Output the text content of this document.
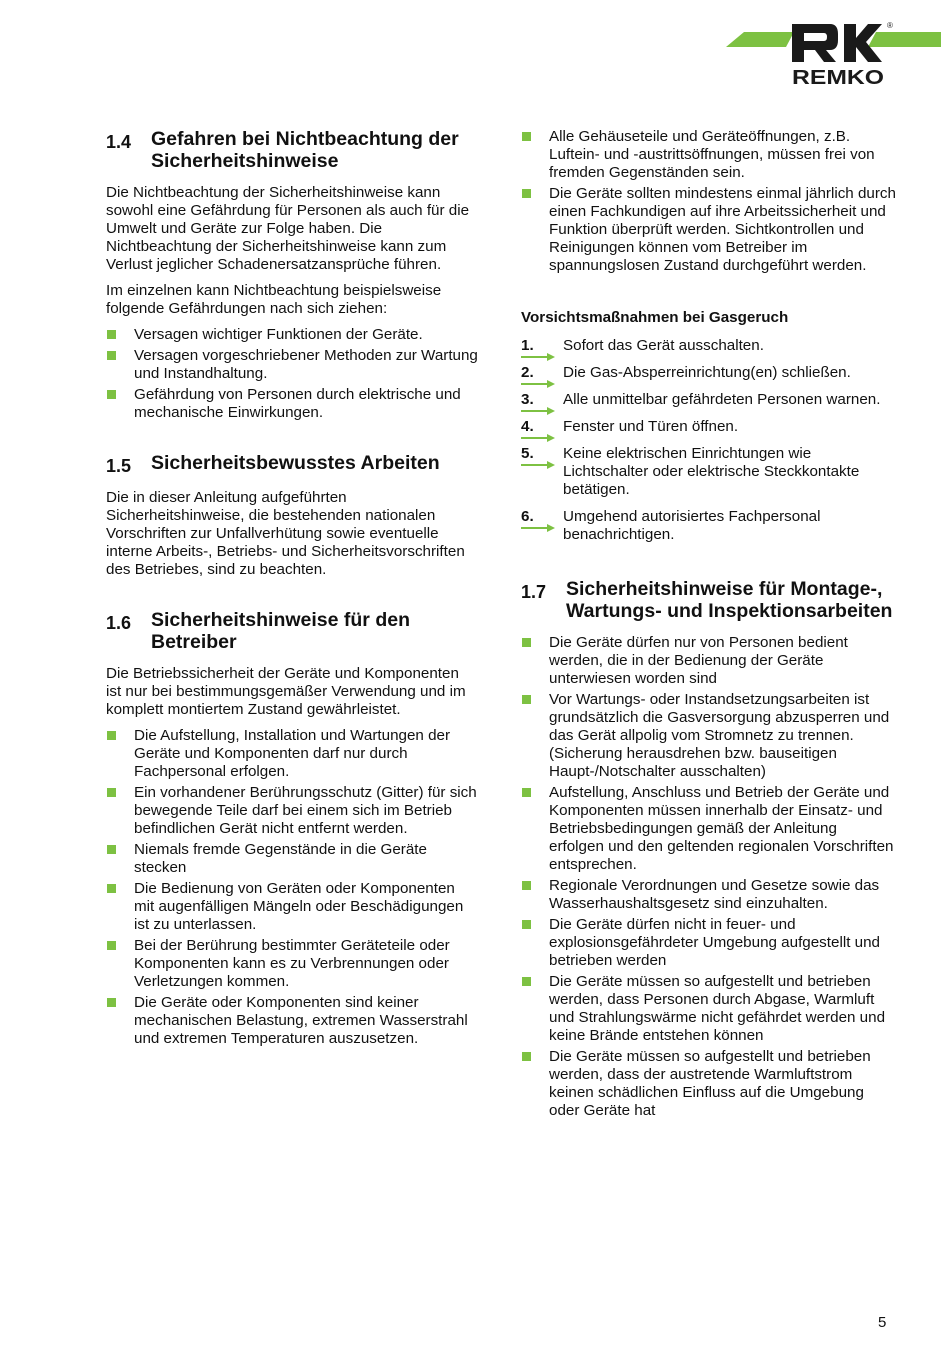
®
REMKO
1.4	Gefahren bei Nichtbeachtung der Sicherheitshinweise

Die Nichtbeachtung der Sicherheitshinweise kann sowohl eine Gefährdung für Personen als auch für die Umwelt und Geräte zur Folge haben. Die Nichtbeachtung der Sicherheitshinweise kann zum Verlust jeglicher Schadenersatzansprüche führen.

Im einzelnen kann Nichtbeachtung beispielsweise folgende Gefährdungen nach sich ziehen:

Versagen wichtiger Funktionen der Geräte.
Versagen vorgeschriebener Methoden zur Wartung und Instandhaltung.
Gefährdung von Personen durch elektrische und mechanische Einwirkungen.
1.5	Sicherheitsbewusstes Arbeiten

Die in dieser Anleitung aufgeführten Sicherheitshinweise, die bestehenden nationalen Vorschriften zur Unfallverhütung sowie eventuelle interne Arbeits-, Betriebs- und Sicherheitsvorschriften des Betriebes, sind zu beachten.

1.6	Sicherheitshinweise für den Betreiber

Die Betriebssicherheit der Geräte und Komponenten ist nur bei bestimmungsgemäßer Verwendung und im komplett montiertem Zustand gewährleistet.

Die Aufstellung, Installation und Wartungen der Geräte und Komponenten darf nur durch Fachpersonal erfolgen.
Ein vorhandener Berührungsschutz (Gitter) für sich bewegende Teile darf bei einem sich im Betrieb befindlichen Gerät nicht entfernt werden.
Niemals fremde Gegenstände in die Geräte stecken
Die Bedienung von Geräten oder Komponenten mit augenfälligen Mängeln oder Beschädigungen ist zu unterlassen.
Bei der Berührung bestimmter Geräteteile oder Komponenten kann es zu Verbrennungen oder Verletzungen kommen.
Die Geräte oder Komponenten sind keiner mechanischen Belastung, extremen Wasserstrahl und extremen Temperaturen auszusetzen.
Alle Gehäuseteile und Geräteöffnungen, z.B. Luftein- und -austrittsöffnungen, müssen frei von fremden Gegenständen sein.
Die Geräte sollten mindestens einmal jährlich durch einen Fachkundigen auf ihre Arbeitssicherheit und Funktion überprüft werden. Sichtkontrollen und Reinigungen können vom Betreiber im spannungslosen Zustand durchgeführt werden.
Vorsichtsmaßnahmen bei Gasgeruch
1.	Sofort das Gerät ausschalten.
2.	Die Gas-Absperreinrichtung(en) schließen.
3.	Alle unmittelbar gefährdeten Personen warnen.
4.	Fenster und Türen öffnen.
5.	Keine elektrischen Einrichtungen wie Lichtschalter oder elektrische Steckkontakte betätigen.
6.	Umgehend autorisiertes Fachpersonal benachrichtigen.
1.7	Sicherheitshinweise für Montage-, Wartungs- und Inspektionsarbeiten
Die Geräte dürfen nur von Personen bedient werden, die in der Bedienung der Geräte unterwiesen worden sind
Vor Wartungs- oder Instandsetzungsarbeiten ist grundsätzlich die Gasversorgung abzusperren und das Gerät allpolig vom Stromnetz zu trennen. (Sicherung herausdrehen bzw. bauseitigen Haupt-/Notschalter ausschalten)
Aufstellung, Anschluss und Betrieb der Geräte und Komponenten müssen innerhalb der Einsatz- und Betriebsbedingungen gemäß der Anleitung erfolgen und den geltenden regionalen Vorschriften entsprechen.
Regionale Verordnungen und Gesetze sowie das Wasserhaushaltsgesetz sind einzuhalten.
Die Geräte dürfen nicht in feuer- und explosionsgefährdeter Umgebung aufgestellt und betrieben werden
Die Geräte müssen so aufgestellt und betrieben werden, dass Personen durch Abgase, Warmluft und Strahlungswärme nicht gefährdet werden und keine Brände entstehen können
Die Geräte müssen so aufgestellt und betrieben werden, dass der austretende Warmluftstrom keinen schädlichen Einfluss auf die Umgebung oder Geräte hat
5
